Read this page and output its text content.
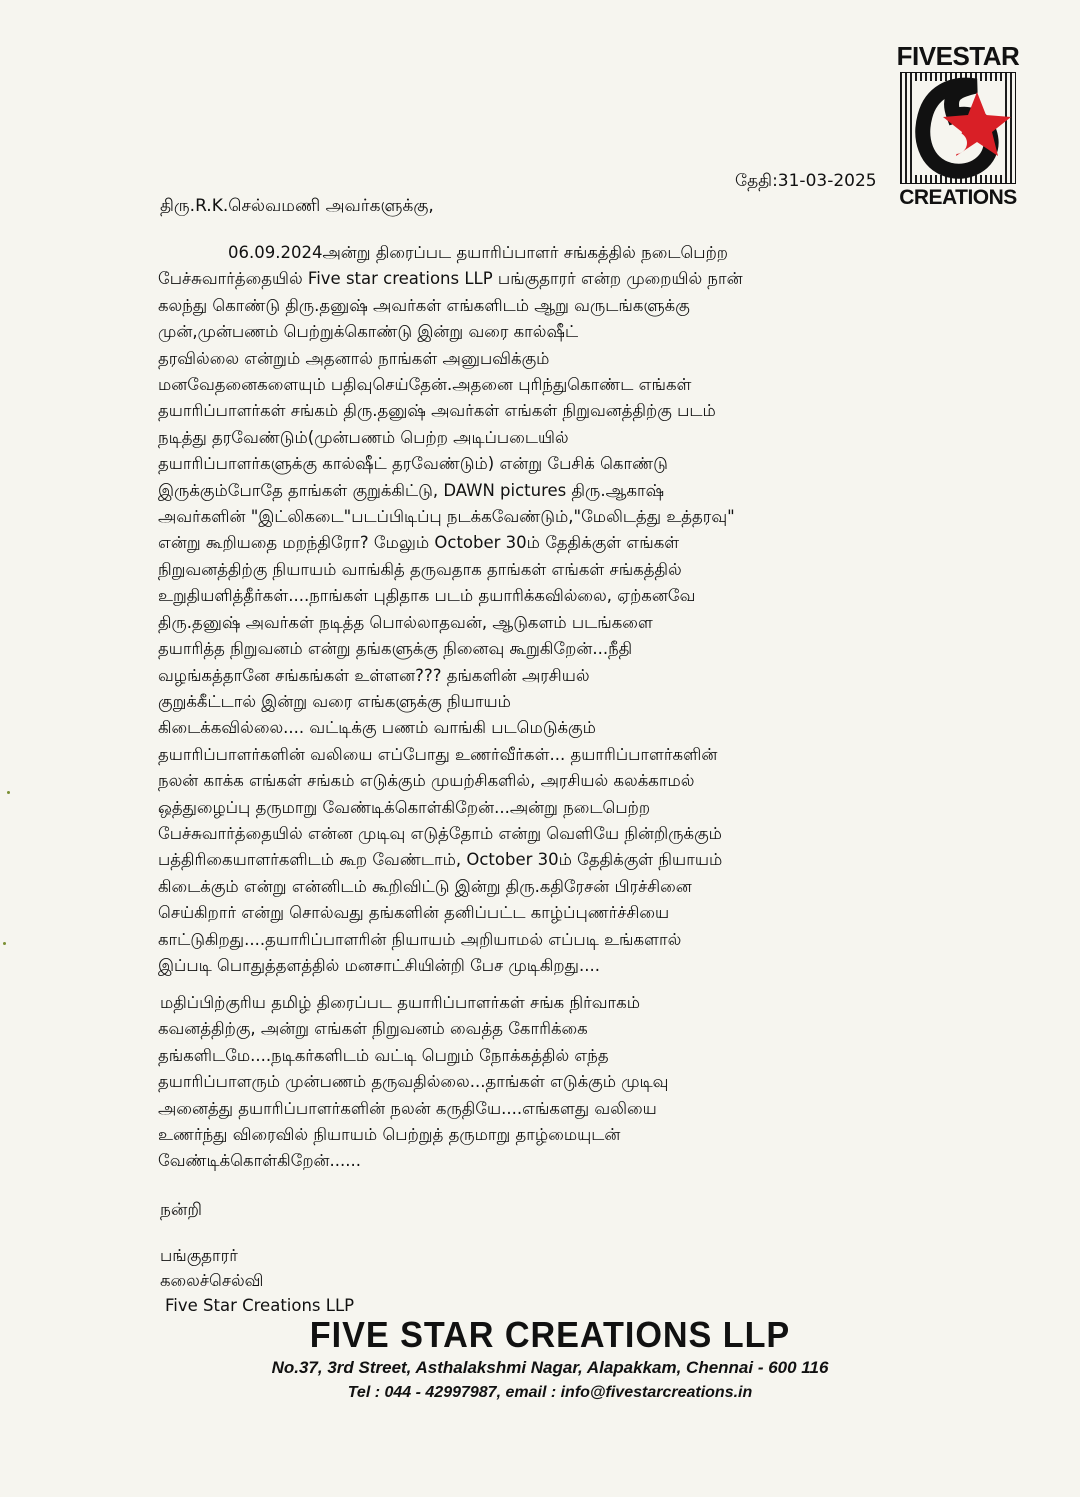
FIVESTAR
CREATIONS
தேதி:31-03-2025
திரு.R.K.செல்வமணி அவர்களுக்கு,
06.09.2024அன்று திரைப்பட தயாரிப்பாளர் சங்கத்தில் நடைபெற்ற
பேச்சுவார்த்தையில் Five star creations LLP பங்குதாரர் என்ற முறையில் நான்
கலந்து கொண்டு திரு.தனுஷ் அவர்கள் எங்களிடம் ஆறு வருடங்களுக்கு
முன்,முன்பணம் பெற்றுக்கொண்டு இன்று வரை கால்ஷீட்
தரவில்லை என்றும் அதனால் நாங்கள் அனுபவிக்கும்
மனவேதனைகளையும் பதிவுசெய்தேன்.அதனை புரிந்துகொண்ட எங்கள்
தயாரிப்பாளர்கள் சங்கம் திரு.தனுஷ் அவர்கள் எங்கள் நிறுவனத்திற்கு படம்
நடித்து தரவேண்டும்(முன்பணம் பெற்ற அடிப்படையில்
தயாரிப்பாளர்களுக்கு கால்ஷீட் தரவேண்டும்) என்று பேசிக் கொண்டு
இருக்கும்போதே தாங்கள் குறுக்கிட்டு, DAWN pictures திரு.ஆகாஷ்
அவர்களின் "இட்லிகடை"படப்பிடிப்பு நடக்கவேண்டும்,"மேலிடத்து உத்தரவு"
என்று கூறியதை மறந்திரோ? மேலும் October 30ம் தேதிக்குள் எங்கள்
நிறுவனத்திற்கு நியாயம் வாங்கித் தருவதாக தாங்கள் எங்கள் சங்கத்தில்
உறுதியளித்தீர்கள்....நாங்கள் புதிதாக படம் தயாரிக்கவில்லை, ஏற்கனவே
திரு.தனுஷ் அவர்கள் நடித்த பொல்லாதவன், ஆடுகளம் படங்களை
தயாரித்த நிறுவனம் என்று தங்களுக்கு நினைவு கூறுகிறேன்...நீதி
வழங்கத்தானே சங்கங்கள் உள்ளன??? தங்களின் அரசியல்
குறுக்கீட்டால் இன்று வரை எங்களுக்கு நியாயம்
கிடைக்கவில்லை.... வட்டிக்கு பணம் வாங்கி படமெடுக்கும்
தயாரிப்பாளர்களின் வலியை எப்போது உணர்வீர்கள்... தயாரிப்பாளர்களின்
நலன் காக்க எங்கள் சங்கம் எடுக்கும் முயற்சிகளில், அரசியல் கலக்காமல்
ஒத்துழைப்பு தருமாறு வேண்டிக்கொள்கிறேன்...அன்று நடைபெற்ற
பேச்சுவார்த்தையில் என்ன முடிவு எடுத்தோம் என்று வெளியே நின்றிருக்கும்
பத்திரிகையாளர்களிடம் கூற வேண்டாம், October 30ம் தேதிக்குள் நியாயம்
கிடைக்கும் என்று என்னிடம் கூறிவிட்டு இன்று திரு.கதிரேசன் பிரச்சினை
செய்கிறார் என்று சொல்வது தங்களின் தனிப்பட்ட காழ்ப்புணர்ச்சியை
காட்டுகிறது....தயாரிப்பாளரின் நியாயம் அறியாமல் எப்படி உங்களால்
இப்படி பொதுத்தளத்தில் மனசாட்சியின்றி பேச முடிகிறது....
மதிப்பிற்குரிய தமிழ் திரைப்பட தயாரிப்பாளர்கள் சங்க நிர்வாகம்
கவனத்திற்கு, அன்று எங்கள் நிறுவனம் வைத்த கோரிக்கை
தங்களிடமே....நடிகர்களிடம் வட்டி பெறும் நோக்கத்தில் எந்த
தயாரிப்பாளரும் முன்பணம் தருவதில்லை...தாங்கள் எடுக்கும் முடிவு
அனைத்து தயாரிப்பாளர்களின் நலன் கருதியே....எங்களது வலியை
உணர்ந்து விரைவில் நியாயம் பெற்றுத் தருமாறு தாழ்மையுடன்
வேண்டிக்கொள்கிறேன்......
நன்றி
பங்குதாரர்
கலைச்செல்வி
Five Star Creations LLP
FIVE STAR CREATIONS LLP
No.37, 3rd Street, Asthalakshmi Nagar, Alapakkam, Chennai - 600 116
Tel : 044 - 42997987, email : info@fivestarcreations.in
